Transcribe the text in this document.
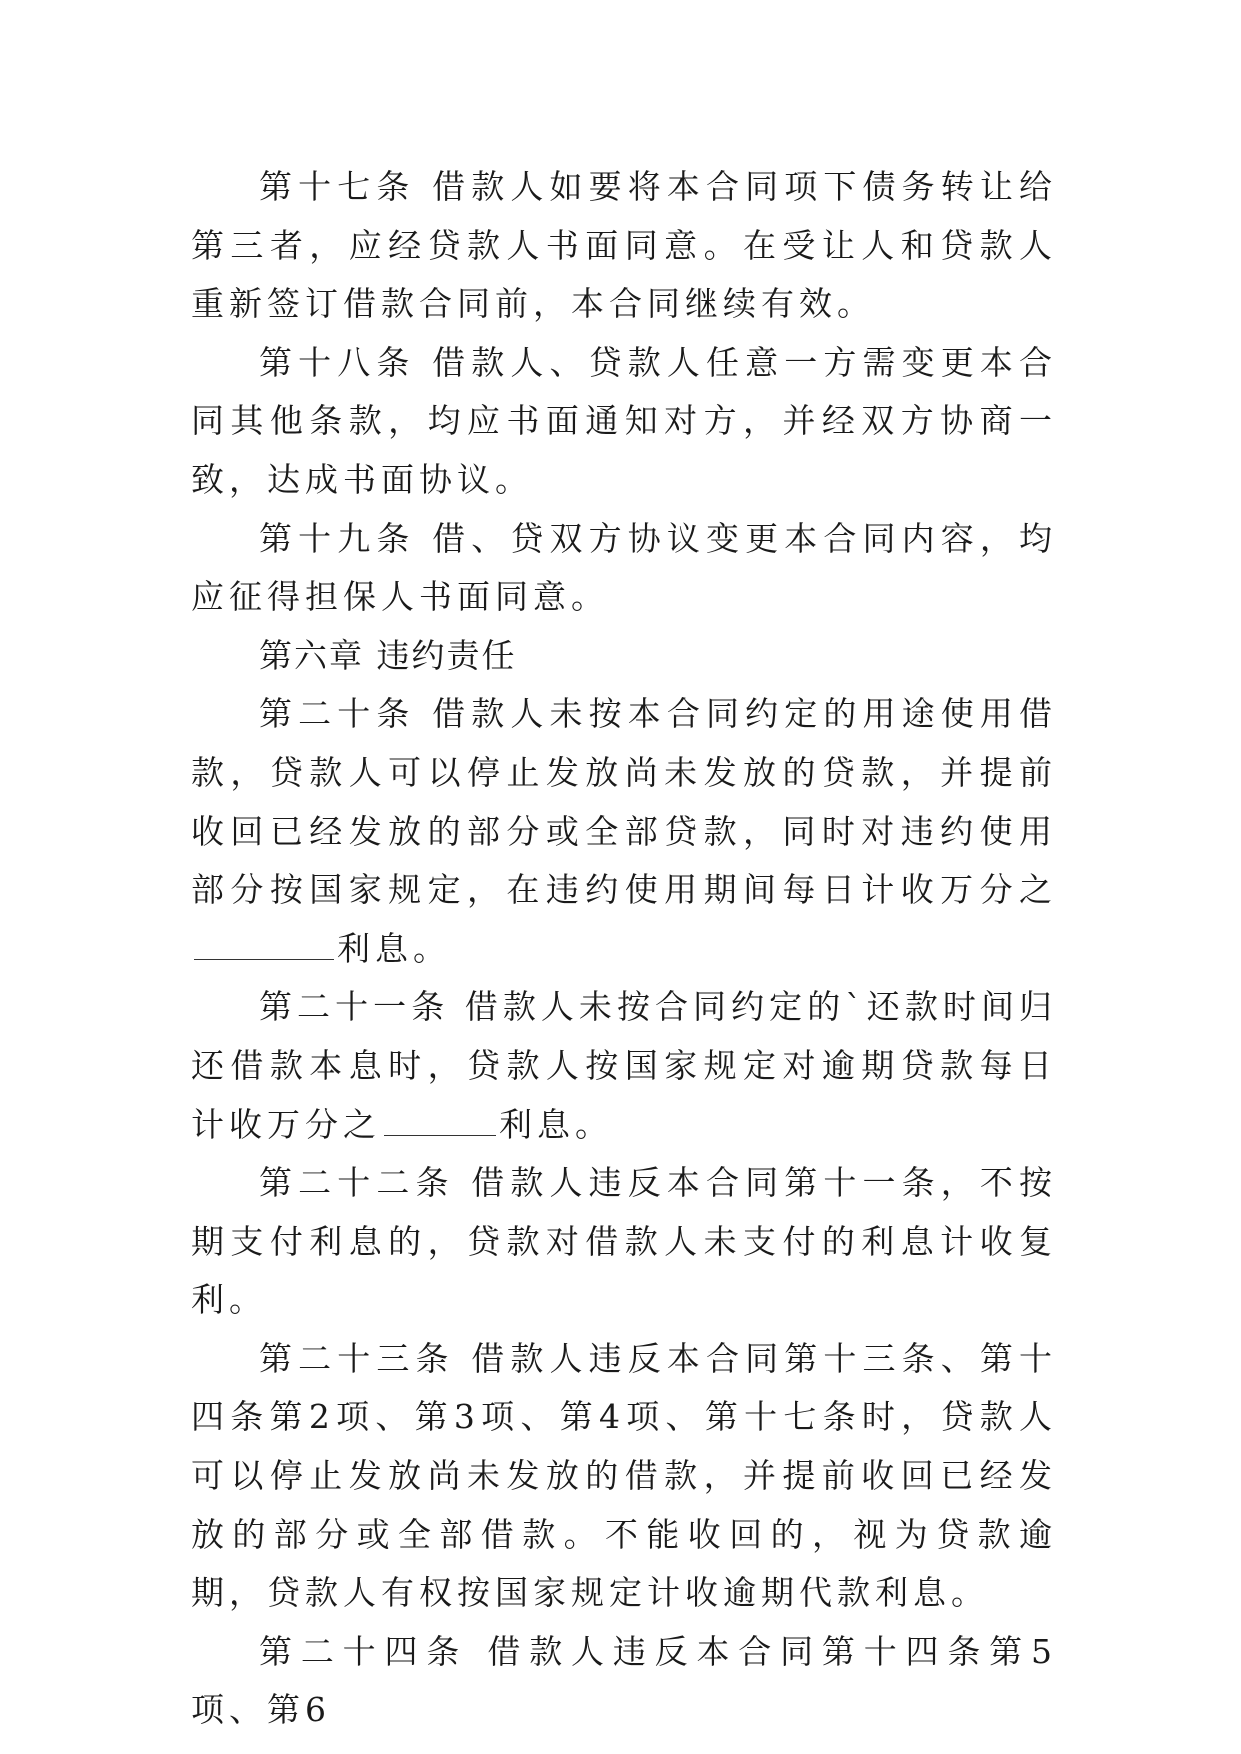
第十七条 借款人如要将本合同项下债务转让给第三者，应经贷款人书面同意。在受让人和贷款人重新签订借款合同前，本合同继续有效。

第十八条 借款人、贷款人任意一方需变更本合同其他条款，均应书面通知对方，并经双方协商一致，达成书面协议。

第十九条 借、贷双方协议变更本合同内容，均应征得担保人书面同意。

第六章 违约责任

第二十条 借款人未按本合同约定的用途使用借款，贷款人可以停止发放尚未发放的贷款，并提前收回已经发放的部分或全部贷款，同时对违约使用部分按国家规定，在违约使用期间每日计收万分之利息。

第二十一条 借款人未按合同约定的`还款时间归还借款本息时，贷款人按国家规定对逾期贷款每日计收万分之	利息。

第二十二条 借款人违反本合同第十一条，不按期支付利息的，贷款对借款人未支付的利息计收复利。

第二十三条 借款人违反本合同第十三条、第十四条第2项、第3项、第4项、第十七条时，贷款人可以停止发放尚未发放的借款，并提前收回已经发放的部分或全部借款。不能收回的，视为贷款逾期，贷款人有权按国家规定计收逾期代款利息。

第二十四条 借款人违反本合同第十四条第5项、第6
